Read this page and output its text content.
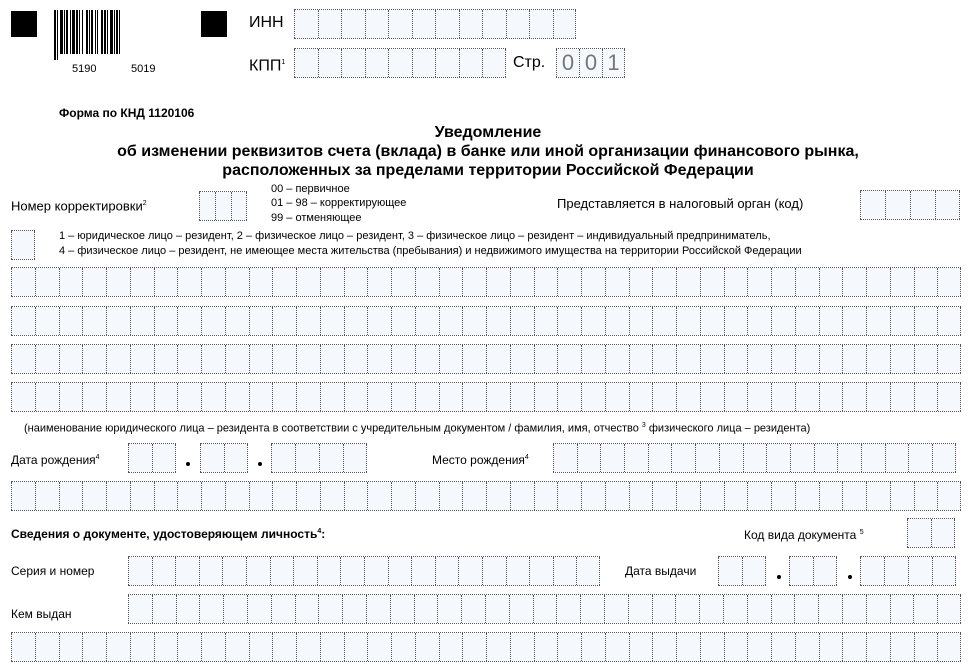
5190	5019
ИНН
КПП$^1$	Стр. 0 0 1
Форма по КНД 1120106
Уведомление
об изменении реквизитов счета (вклада) в банке или иной организации финансового рынка,
расположенных за пределами территории Российской Федерации
Номер корректировки$^2$
00 – первичное
01 – 98 – корректирующее
99 – отменяющее
Представляется в налоговый орган (код)
1 – юридическое лицо – резидент, 2 – физическое лицо – резидент, 3 – физическое лицо – резидент – индивидуальный предприниматель,
4 – физическое лицо – резидент, не имеющее места жительства (пребывания) и недвижимого имущества на территории Российской Федерации
(наименование юридического лица – резидента в соответствии с учредительным документом / фамилия, имя, отчество $^3$ физического лица – резидента)
Дата рождения$^4$	Место рождения$^4$
Сведения о документе, удостоверяющем личность$^4$:	Код вида документа $^5$
Серия и номер	Дата выдачи
Кем выдан
